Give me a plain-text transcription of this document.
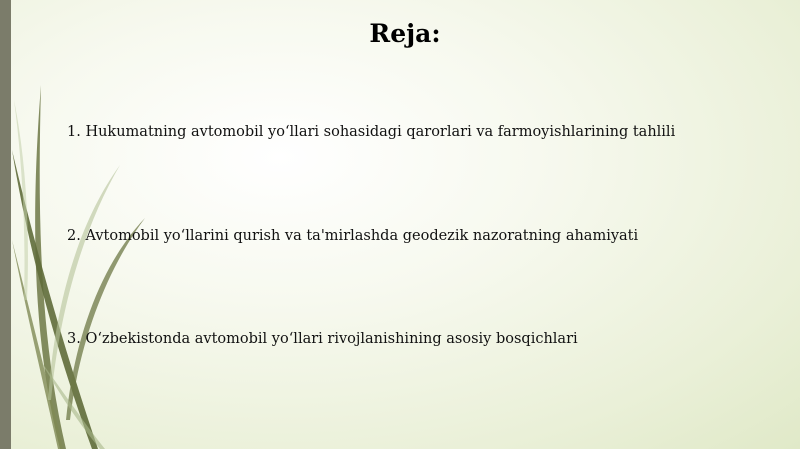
Reja:

1. Hukumatning avtomobil yo‘llari sohasidagi qarorlari va farmoyishlarining tahlili

2. Avtomobil yo‘llarini qurish va ta'mirlashda geodezik nazoratning ahamiyati

3. O‘zbekistonda avtomobil yo‘llari rivojlanishining asosiy bosqichlari
